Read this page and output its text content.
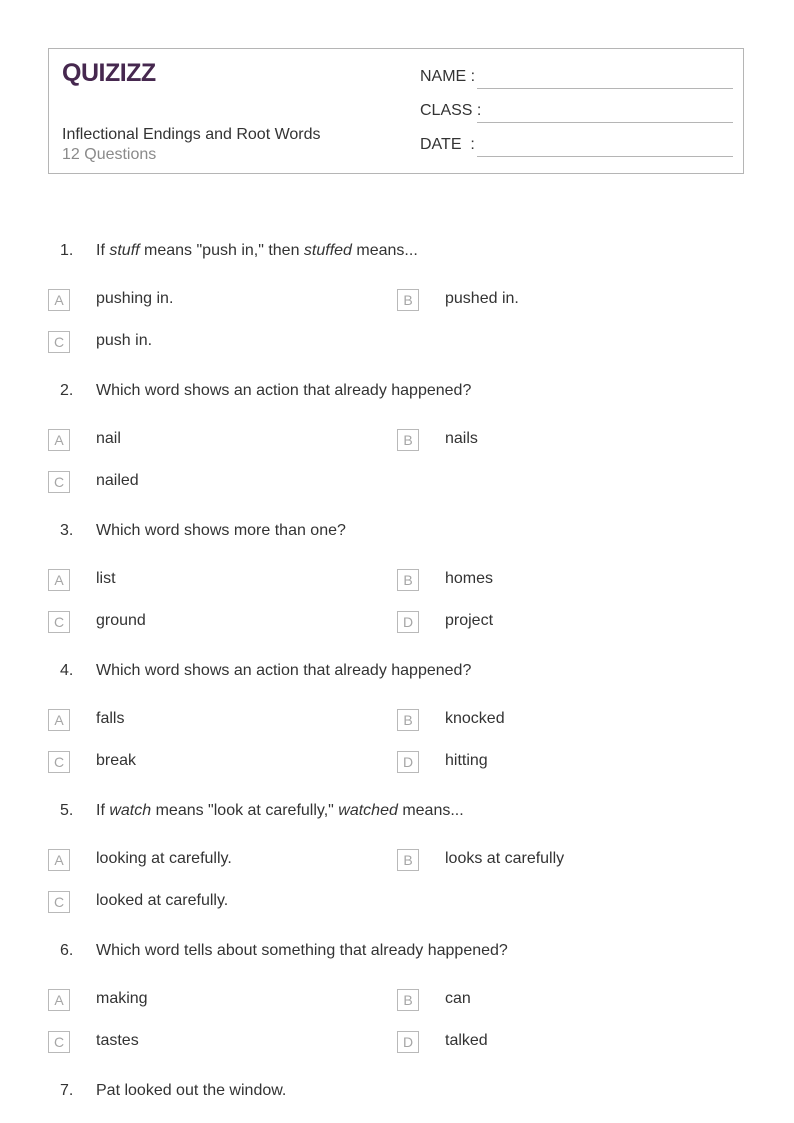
QUIZIZZ
Inflectional Endings and Root Words
12 Questions
NAME :
CLASS :
DATE  :
1. If stuff means "push in," then stuffed means...
A	pushing in.	B	pushed in.
C	push in.
2. Which word shows an action that already happened?
A	nail	B	nails
C	nailed
3. Which word shows more than one?
A	list	B	homes
C	ground	D	project
4. Which word shows an action that already happened?
A	falls	B	knocked
C	break	D	hitting
5. If watch means "look at carefully," watched means...
A	looking at carefully.	B	looks at carefully
C	looked at carefully.
6. Which word tells about something that already happened?
A	making	B	can
C	tastes	D	talked
7. Pat looked out the window.
